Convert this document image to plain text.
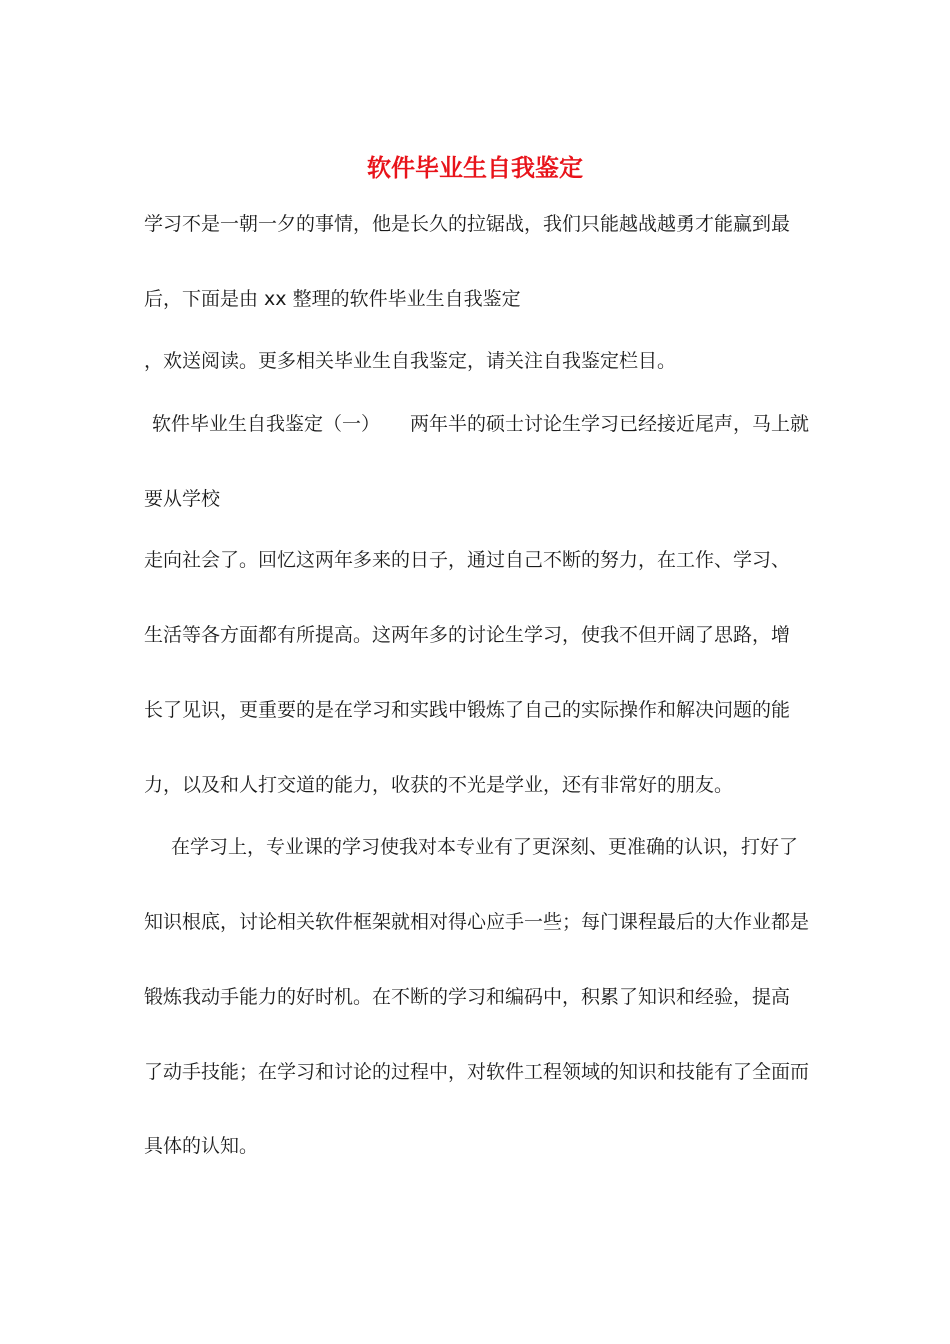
软件毕业生自我鉴定

学习不是一朝一夕的事情，他是长久的拉锯战，我们只能越战越勇才能赢到最

后，下面是由 xx 整理的软件毕业生自我鉴定

，欢送阅读。更多相关毕业生自我鉴定，请关注自我鉴定栏目。

软件毕业生自我鉴定（一） 两年半的硕士讨论生学习已经接近尾声，马上就

要从学校

走向社会了。回忆这两年多来的日子，通过自己不断的努力，在工作、学习、

生活等各方面都有所提高。这两年多的讨论生学习，使我不但开阔了思路，增

长了见识，更重要的是在学习和实践中锻炼了自己的实际操作和解决问题的能

力，以及和人打交道的能力，收获的不光是学业，还有非常好的朋友。

在学习上，专业课的学习使我对本专业有了更深刻、更准确的认识，打好了

知识根底，讨论相关软件框架就相对得心应手一些；每门课程最后的大作业都是

锻炼我动手能力的好时机。在不断的学习和编码中，积累了知识和经验，提高

了动手技能；在学习和讨论的过程中，对软件工程领域的知识和技能有了全面而

具体的认知。
